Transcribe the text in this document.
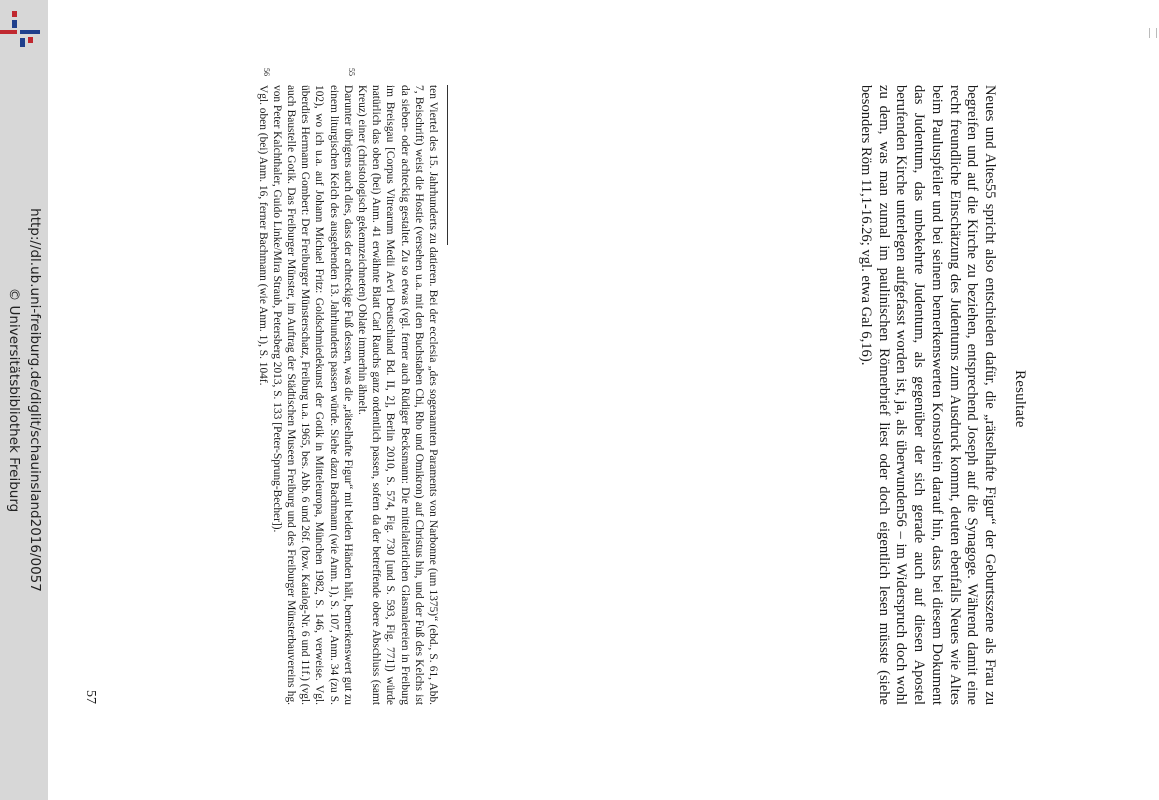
http://dl.ub.uni-freiburg.de/diglit/schauinsland2016/0057
© Universitätsbibliothek Freiburg	Resultate
Neues und Altes55 spricht also entschieden dafür, die „rätselhafte Figur“ der Geburtsszene als Frau zu begreifen und auf die Kirche zu beziehen, entsprechend Joseph auf die Synagoge. Während damit eine recht freundliche Einschätzung des Judentums zum Ausdruck kommt, deuten ebenfalls Neues wie Altes beim Pauluspfeiler und bei seinem bemerkenswerten Konsolstein darauf hin, dass bei diesem Dokument das Judentum, das unbekehrte Judentum, als gegenüber der sich gerade auch auf diesen Apostel berufenden Kirche unterlegen aufgefasst worden ist, ja, als überwunden56 – im Widerspruch doch wohl zu dem, was man zumal im paulinischen Römerbrief liest oder doch eigentlich lesen müsste (siehe besonders Röm 11,1-16.26; vgl. etwa Gal 6,16).

ten Viertel des 15. Jahrhunderts zu datieren. Bei der ecclesia „des sogenannten Paraments von Narbonne (um 1375)“ (ebd., S. 61, Abb. 7, Beischrift) weist die Hostie (versehen u.a. mit den Buchstaben Chi, Rho und Omikron) auf Christus hin, und der Fuß des Kelchs ist da sieben- oder achteckig gestaltet. Zu so etwas (vgl. ferner auch Rüdiger Becksmann: Die mittelalterlichen Glasmalereien in Freiburg im Breisgau [Corpus Vitrearum Medii Aevi Deutschland Bd. II, 2], Berlin 2010, S. 574, Fig. 730 [und S. 593, Fig. 771]) würde natürlich das oben (bei) Anm. 41 erwähnte Blatt Carl Rauchs ganz ordentlich passen, sofern da der betreffende obere Abschluss (samt Kreuz) einer (christologisch gekennzeichneten) Oblate immerhin ähnelt.

55
Darunter übrigens auch dies, dass der achteckige Fuß dessen, was die „rätselhafte Figur“ mit beiden Händen hält, bemerkenswert gut zu einem liturgischen Kelch des ausgehenden 13. Jahrhunderts passen würde. Siehe dazu Bachmann (wie Anm. 1), S. 107, Anm. 34 (zu S. 102), wo ich u.a. auf Johann Michael Fritz: Goldschmiedekunst der Gotik in Mitteleuropa, München 1982, S. 146, verweise. Vgl. überdies Hermann Gombert: Der Freiburger Münsterschatz, Freiburg u.a. 1965, bes. Abb. 6 und 26f. (bzw. Katalog-Nr. 6 und 11f.) (vgl. auch Baustelle Gotik. Das Freiburger Münster, im Auftrag der Städtischen Museen Freiburg und des Freiburger Münsterbauvereins hg. von Peter Kalchthaler, Guido Linke/Mira Straub, Petersberg 2013, S. 133 [Peter-Sprung-Becher]).

56
Vgl. oben (bei) Anm. 16, ferner Bachmann (wie Anm. 1), S. 104f.

57
